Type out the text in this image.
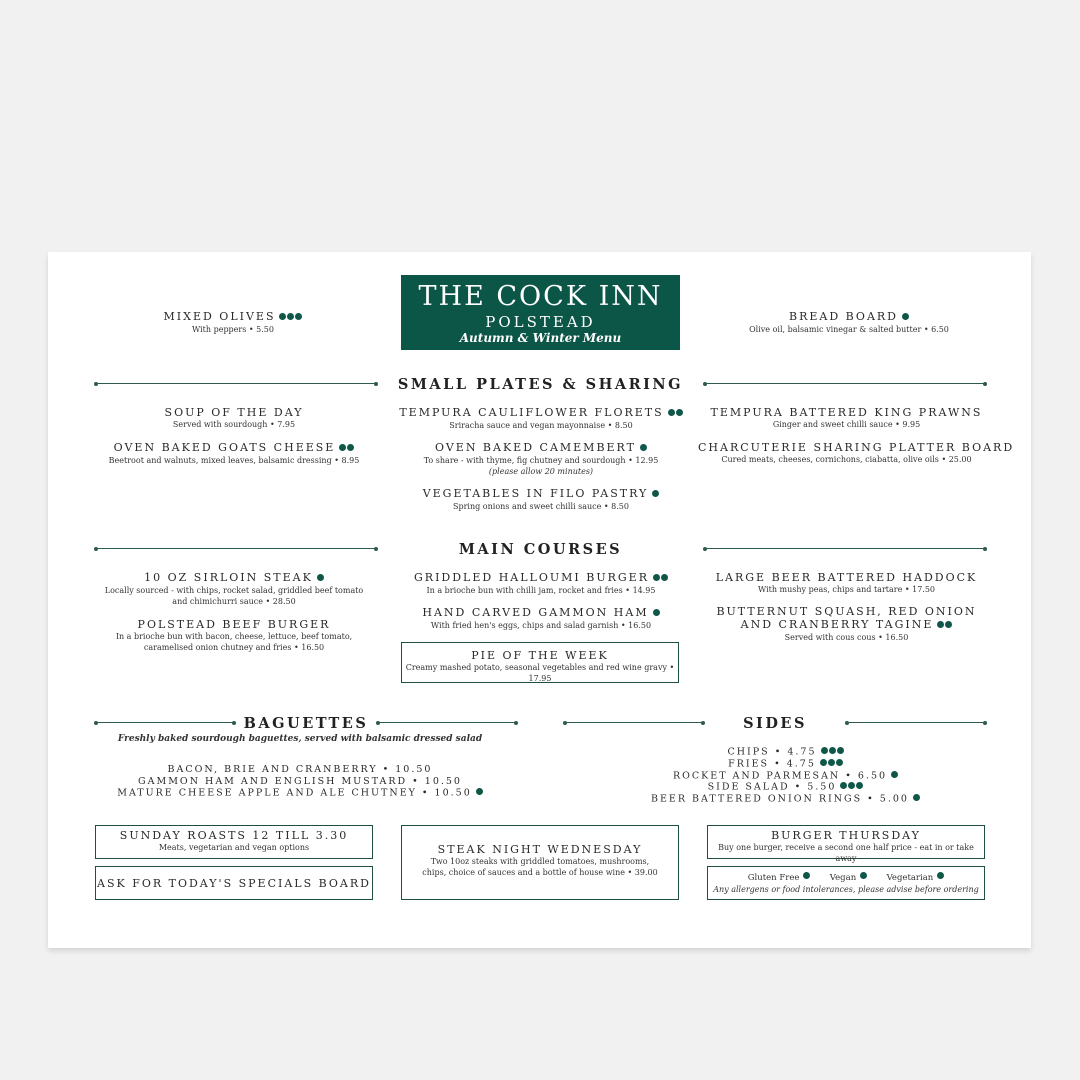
THE COCK INN
POLSTEAD
Autumn & Winter Menu
MIXED OLIVES
With peppers • 5.50
BREAD BOARD
Olive oil, balsamic vinegar & salted butter • 6.50
SMALL PLATES & SHARING
SOUP OF THE DAY
Served with sourdough • 7.95
OVEN BAKED GOATS CHEESE
Beetroot and walnuts, mixed leaves, balsamic dressing • 8.95
TEMPURA CAULIFLOWER FLORETS
Sriracha sauce and vegan mayonnaise • 8.50
OVEN BAKED CAMEMBERT
To share - with thyme, fig chutney and sourdough • 12.95
(please allow 20 minutes)
VEGETABLES IN FILO PASTRY
Spring onions and sweet chilli sauce • 8.50
TEMPURA BATTERED KING PRAWNS
Ginger and sweet chilli sauce • 9.95
CHARCUTERIE SHARING PLATTER BOARD
Cured meats, cheeses, cornichons, ciabatta, olive oils • 25.00
MAIN COURSES
10 OZ SIRLOIN STEAK
Locally sourced - with chips, rocket salad, griddled beef tomato
and chimichurri sauce • 28.50
POLSTEAD BEEF BURGER
In a brioche bun with bacon, cheese, lettuce, beef tomato,
caramelised onion chutney and fries • 16.50
GRIDDLED HALLOUMI BURGER
In a brioche bun with chilli jam, rocket and fries • 14.95
HAND CARVED GAMMON HAM
With fried hen's eggs, chips and salad garnish • 16.50
PIE OF THE WEEK
Creamy mashed potato, seasonal vegetables and red wine gravy • 17.95
LARGE BEER BATTERED HADDOCK
With mushy peas, chips and tartare • 17.50
BUTTERNUT SQUASH, RED ONION
AND CRANBERRY TAGINE
Served with cous cous • 16.50
BAGUETTES
Freshly baked sourdough baguettes, served with balsamic dressed salad
BACON, BRIE AND CRANBERRY • 10.50
GAMMON HAM AND ENGLISH MUSTARD • 10.50
MATURE CHEESE APPLE AND ALE CHUTNEY • 10.50
SIDES
CHIPS • 4.75
FRIES • 4.75
ROCKET AND PARMESAN • 6.50
SIDE SALAD • 5.50
BEER BATTERED ONION RINGS • 5.00
SUNDAY ROASTS 12 TILL 3.30
Meats, vegetarian and vegan options
ASK FOR TODAY'S SPECIALS BOARD
STEAK NIGHT WEDNESDAY
Two 10oz steaks with griddled tomatoes, mushrooms,
chips, choice of sauces and a bottle of house wine • 39.00
BURGER THURSDAY
Buy one burger, receive a second one half price - eat in or take away
Gluten Free	Vegan	Vegetarian
Any allergens or food intolerances, please advise before ordering
